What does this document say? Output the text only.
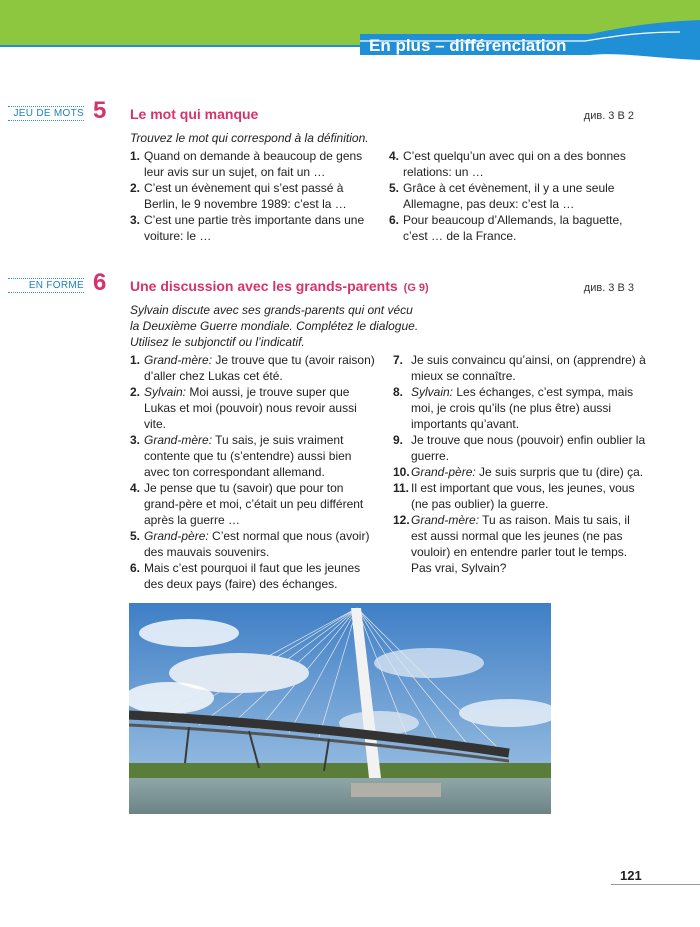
En plus – différenciation
JEU DE MOTS 5 Le mot qui manque	див. 3 В 2
Trouvez le mot qui correspond à la définition.
1. Quand on demande à beaucoup de gens leur avis sur un sujet, on fait un …
2. C’est un évènement qui s’est passé à Berlin, le 9 novembre 1989: c’est la …
3. C’est une partie très importante dans une voiture: le …
4. C’est quelqu’un avec qui on a des bonnes relations: un …
5. Grâce à cet évènement, il y a une seule Allemagne, pas deux: c’est la …
6. Pour beaucoup d’Allemands, la baguette, c’est … de la France.
EN FORME 6 Une discussion avec les grands-parents (G 9)	див. 3 В 3
Sylvain discute avec ses grands-parents qui ont vécu
la Deuxième Guerre mondiale. Complétez le dialogue.
Utilisez le subjonctif ou l’indicatif.
1. Grand-mère: Je trouve que tu (avoir raison) d’aller chez Lukas cet été.
2. Sylvain: Moi aussi, je trouve super que Lukas et moi (pouvoir) nous revoir aussi vite.
3. Grand-mère: Tu sais, je suis vraiment contente que tu (s’entendre) aussi bien avec ton correspondant allemand.
4. Je pense que tu (savoir) que pour ton grand-père et moi, c’était un peu différent après la guerre …
5. Grand-père: C’est normal que nous (avoir) des mauvais souvenirs.
6. Mais c’est pourquoi il faut que les jeunes des deux pays (faire) des échanges.
7. Je suis convaincu qu’ainsi, on (apprendre) à mieux se connaître.
8. Sylvain: Les échanges, c’est sympa, mais moi, je crois qu’ils (ne plus être) aussi importants qu’avant.
9. Je trouve que nous (pouvoir) enfin oublier la guerre.
10. Grand-père: Je suis surpris que tu (dire) ça.
11. Il est important que vous, les jeunes, vous (ne pas oublier) la guerre.
12. Grand-mère: Tu as raison. Mais tu sais, il est aussi normal que les jeunes (ne pas vouloir) en entendre parler tout le temps. Pas vrai, Sylvain?
121
